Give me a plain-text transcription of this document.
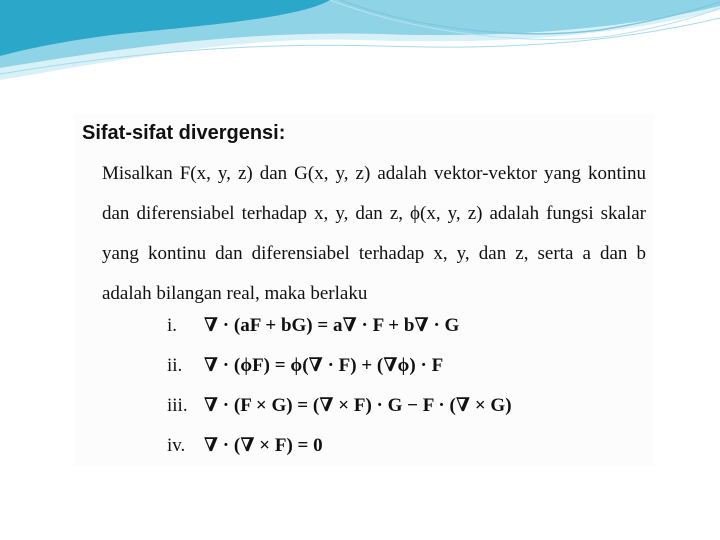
Sifat-sifat divergensi:
Misalkan F(x, y, z) dan G(x, y, z) adalah vektor-vektor yang kontinu
dan diferensiabel terhadap x, y, dan z, ϕ(x, y, z) adalah fungsi skalar
yang kontinu dan diferensiabel terhadap x, y, dan z, serta a dan b
adalah bilangan real, maka berlaku
i. ∇ · (aF + bG) = a∇ · F + b∇ · G
ii. ∇ · (ϕF) = ϕ(∇ · F) + (∇ϕ) · F
iii. ∇ · (F × G) = (∇ × F) · G − F · (∇ × G)
iv. ∇ · (∇ × F) = 0
